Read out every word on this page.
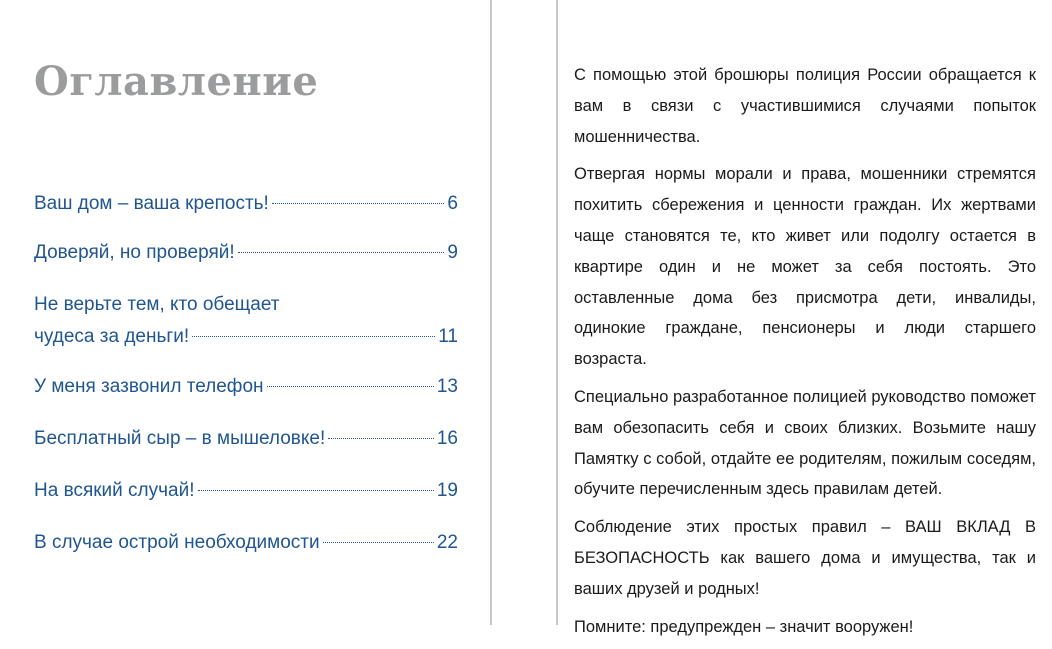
Оглавление
Ваш дом – ваша крепость!	6
Доверяй, но проверяй!	9
Не верьте тем, кто обещает
чудеса за деньги!	11
У меня зазвонил телефон	13
Бесплатный сыр – в мышеловке!	16
На всякий случай!	19
В случае острой необходимости	22

С помощью этой брошюры полиция России обращается к вам в связи с участившимися случаями попыток мошенничества.

Отвергая нормы морали и права, мошенники стремятся похитить сбережения и ценности граждан. Их жертвами чаще становятся те, кто живет или подолгу остается в квартире один и не может за себя постоять. Это оставленные дома без присмотра дети, инвалиды, одинокие граждане, пенсионеры и люди старшего возраста.

Специально разработанное полицией руководство поможет вам обезопасить себя и своих близких. Возьмите нашу Памятку с собой, отдайте ее родителям, пожилым соседям, обучите перечисленным здесь правилам детей.

Соблюдение этих простых правил – ВАШ ВКЛАД В БЕЗОПАСНОСТЬ как вашего дома и имущества, так и ваших друзей и родных!

Помните: предупрежден – значит вооружен!
